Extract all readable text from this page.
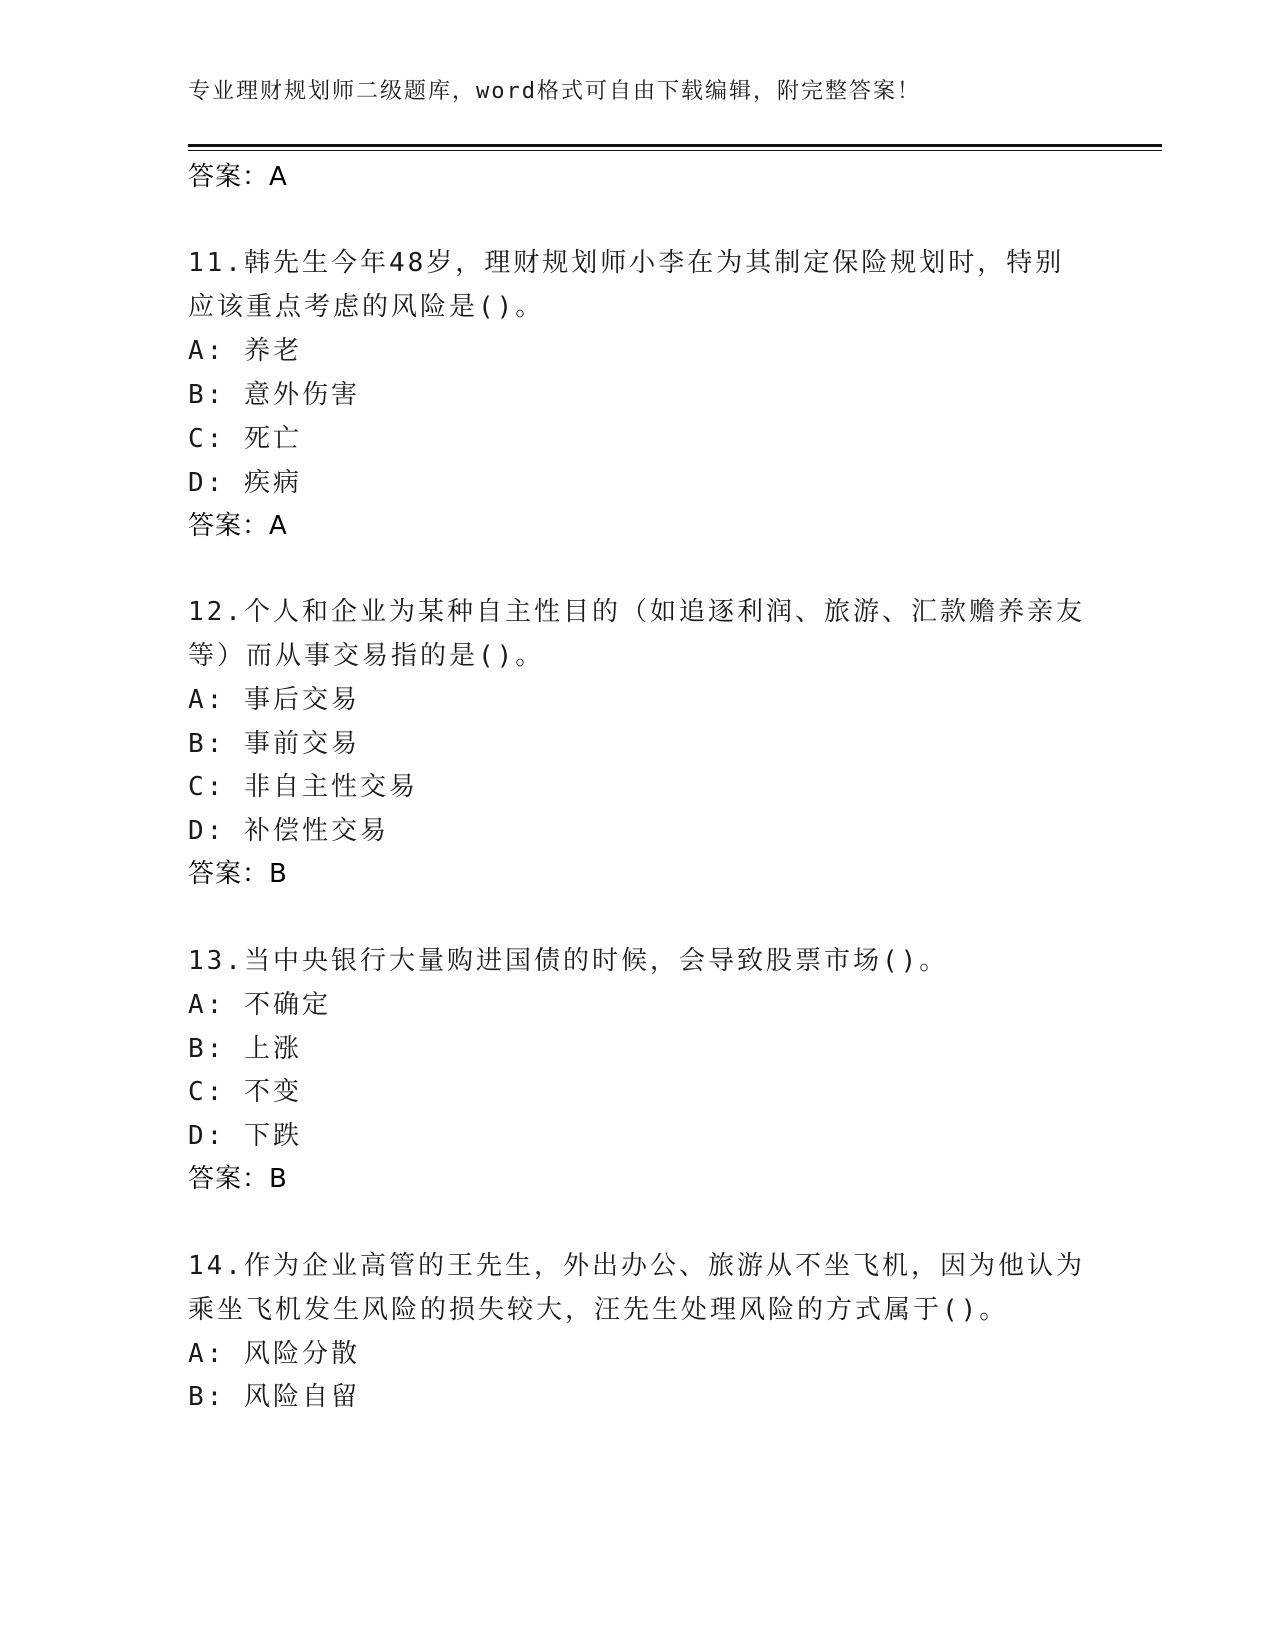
专业理财规划师二级题库，word格式可自由下载编辑，附完整答案！
答案：A
11.韩先生今年48岁，理财规划师小李在为其制定保险规划时，特别
应该重点考虑的风险是()。
A: 养老
B: 意外伤害
C: 死亡
D: 疾病
答案：A
12.个人和企业为某种自主性目的（如追逐利润、旅游、汇款赡养亲友
等）而从事交易指的是()。
A: 事后交易
B: 事前交易
C: 非自主性交易
D: 补偿性交易
答案：B
13.当中央银行大量购进国债的时候，会导致股票市场()。
A: 不确定
B: 上涨
C: 不变
D: 下跌
答案：B
14.作为企业高管的王先生，外出办公、旅游从不坐飞机，因为他认为
乘坐飞机发生风险的损失较大，汪先生处理风险的方式属于()。
A: 风险分散
B: 风险自留
